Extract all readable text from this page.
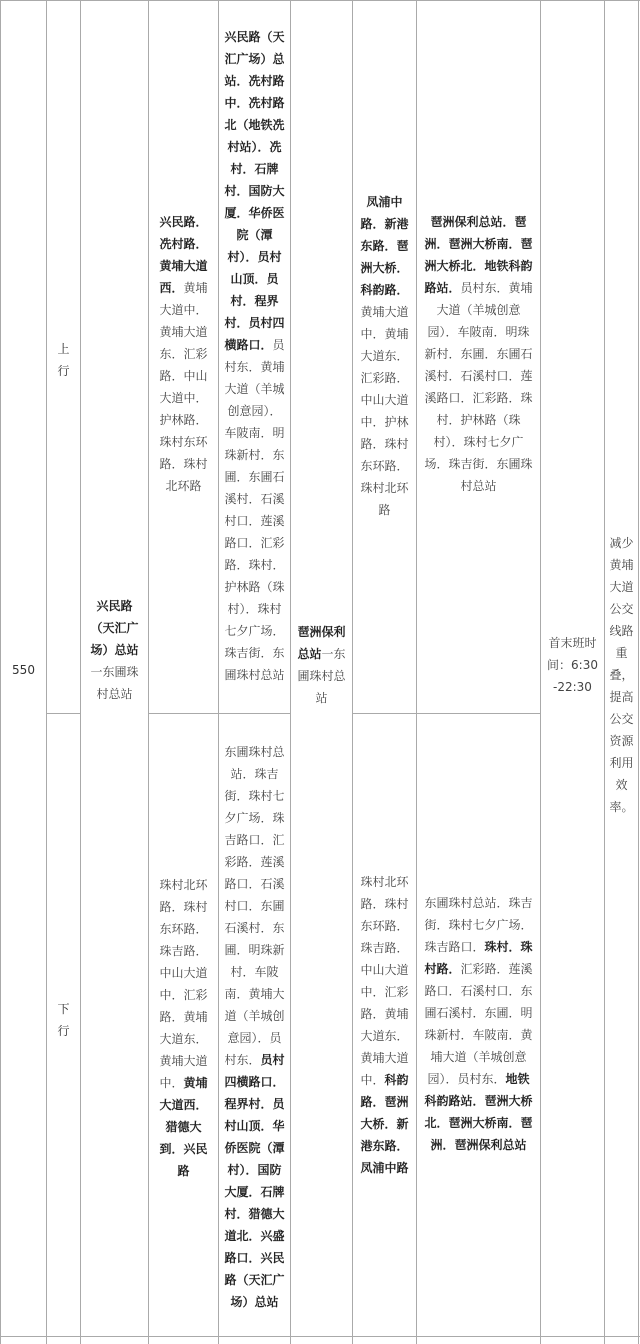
550
上行
下行

兴民路（天汇广场）总站一东圃珠村总站

兴民路．冼村路．黄埔大道西．黄埔大道中．黄埔大道东．汇彩路．中山大道中．护林路．珠村东环路．珠村北环路

兴民路（天汇广场）总站．冼村路中．冼村路北（地铁冼村站）．冼村．石牌村．国防大厦．华侨医院（潭村）．员村山顶．员村．程界村．员村四横路口．员村东．黄埔大道（羊城创意园）．车陂南．明珠新村．东圃．东圃石溪村．石溪村口．莲溪路口．汇彩路．珠村．护林路（珠村）．珠村七夕广场．珠吉街．东圃珠村总站

琶洲保利总站一东圃珠村总站

凤浦中路．新港东路．琶洲大桥．科韵路．黄埔大道中．黄埔大道东．汇彩路．中山大道中．护林路．珠村东环路．珠村北环路

琶洲保利总站．琶洲．琶洲大桥南．琶洲大桥北．地铁科韵路站．员村东．黄埔大道（羊城创意园）．车陂南．明珠新村．东圃．东圃石溪村．石溪村口．莲溪路口．汇彩路．珠村．护林路（珠村）．珠村七夕广场．珠吉街．东圃珠村总站

首末班时间：6:30-22:30
减少黄埔大道公交线路重叠，提高公交资源利用效率。

珠村北环路．珠村东环路．珠吉路．中山大道中．汇彩路．黄埔大道东．黄埔大道中．黄埔大道西．猎德大到．兴民路

东圃珠村总站．珠吉街．珠村七夕广场．珠吉路口．汇彩路．莲溪路口．石溪村口．东圃石溪村．东圃．明珠新村．车陂南．黄埔大道（羊城创意园）．员村东．员村四横路口．程界村．员村山顶．华侨医院（潭村）．国防大厦．石牌村．猎德大道北．兴盛路口．兴民路（天汇广场）总站

珠村北环路．珠村东环路．珠吉路．中山大道中．汇彩路．黄埔大道东．黄埔大道中．科韵路．琶洲大桥．新港东路．凤浦中路

东圃珠村总站．珠吉街．珠村七夕广场．珠吉路口．珠村．珠村路．汇彩路．莲溪路口．石溪村口．东圃石溪村．东圃．明珠新村．车陂南．黄埔大道（羊城创意园）．员村东．地铁科韵路站．琶洲大桥北．琶洲大桥南．琶洲．琶洲保利总站
